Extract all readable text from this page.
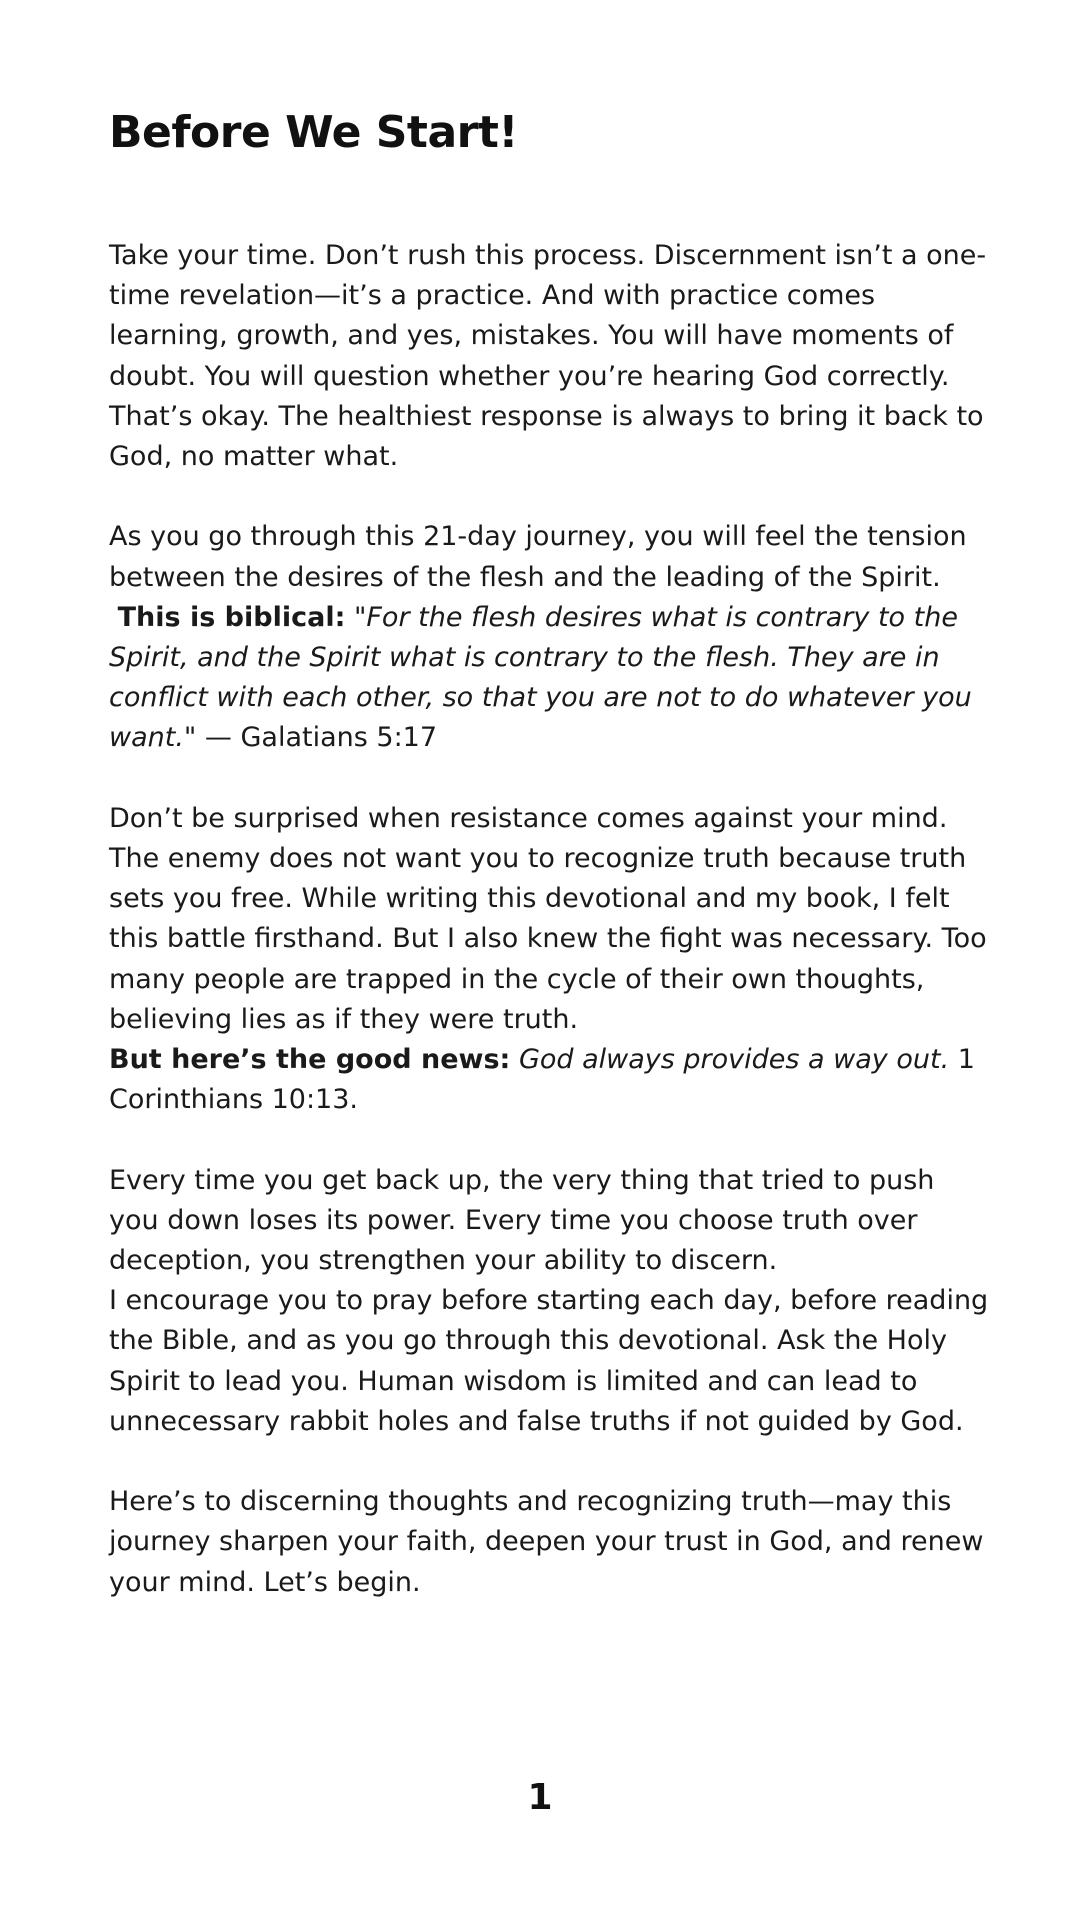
Before We Start!

Take your time. Don’t rush this process. Discernment isn’t a one-time revelation—it’s a practice. And with practice comes learning, growth, and yes, mistakes. You will have moments of doubt. You will question whether you’re hearing God correctly. That’s okay. The healthiest response is always to bring it back to God, no matter what.

As you go through this 21-day journey, you will feel the tension between the desires of the flesh and the leading of the Spirit.

This is biblical: "For the flesh desires what is contrary to the Spirit, and the Spirit what is contrary to the flesh. They are in conflict with each other, so that you are not to do whatever you want." — Galatians 5:17

Don’t be surprised when resistance comes against your mind. The enemy does not want you to recognize truth because truth sets you free. While writing this devotional and my book, I felt this battle firsthand. But I also knew the fight was necessary. Too many people are trapped in the cycle of their own thoughts, believing lies as if they were truth.

But here’s the good news: God always provides a way out. 1 Corinthians 10:13.

Every time you get back up, the very thing that tried to push you down loses its power. Every time you choose truth over deception, you strengthen your ability to discern.

I encourage you to pray before starting each day, before reading the Bible, and as you go through this devotional. Ask the Holy Spirit to lead you. Human wisdom is limited and can lead to unnecessary rabbit holes and false truths if not guided by God.

Here’s to discerning thoughts and recognizing truth—may this journey sharpen your faith, deepen your trust in God, and renew your mind. Let’s begin.

1
